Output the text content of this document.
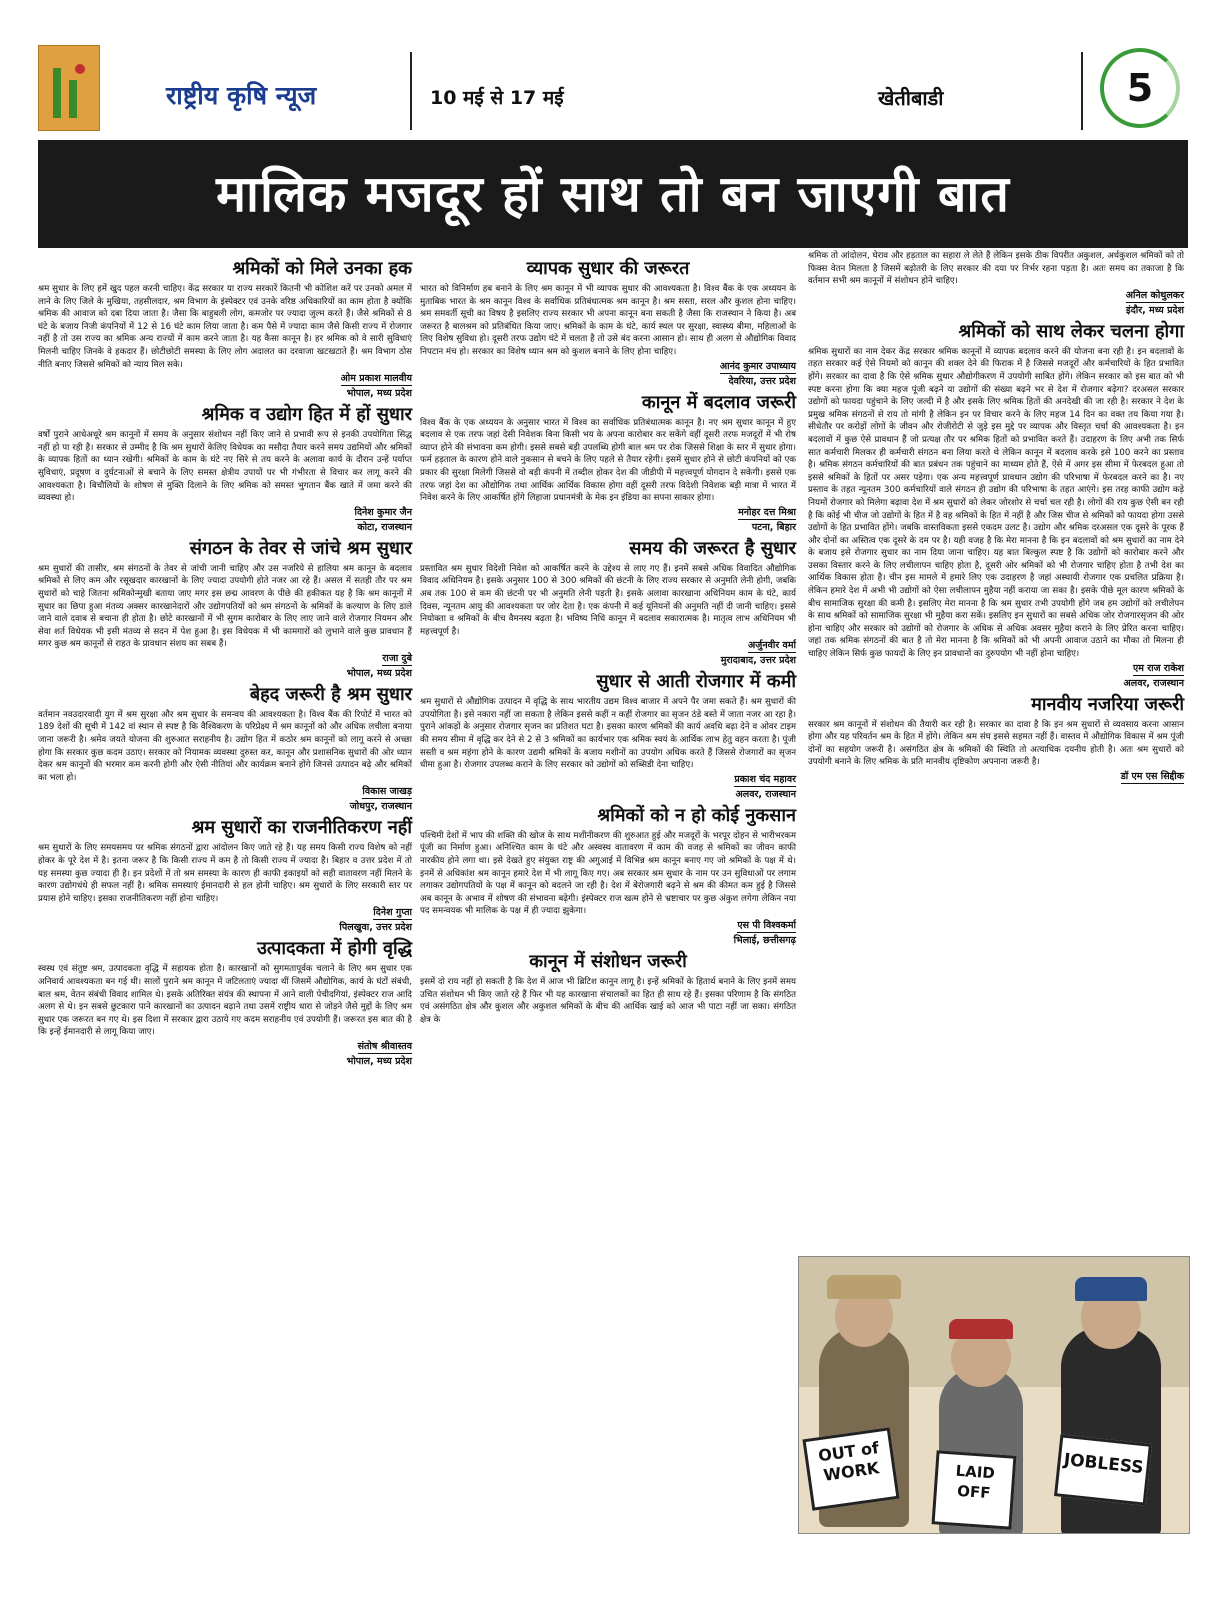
राष्ट्रीय कृषि न्यूज	10 मई से 17 मई	खेतीबाडी	5
मालिक मजदूर हों साथ तो बन जाएगी बात
श्रमिकों को मिले उनका हक

श्रम सुधार के लिए हमें खुद पहल करनी चाहिए। केंद्र सरकार या राज्य सरकारें कितनी भी कोशिश करें पर उनको अमल में लाने के लिए जिले के मुखिया, तहसीलदार, श्रम विभाग के इंस्पेक्टर एवं उनके वरिष्ठ अधिकारियों का काम होता है क्योंकि श्रमिक की आवाज को दबा दिया जाता है। जैसा कि बाहुबली लोग, कमजोर पर ज्यादा जुल्म करते हैं। जैसे श्रमिकों से 8 घंटे के बजाय निजी कंपनियों में 12 से 16 घंटे काम लिया जाता है। कम पैसे में ज्यादा काम जैसे किसी राज्य में रोजगार नहीं है तो उस राज्य का श्रमिक अन्य राज्यों में काम करने जाता है। यह कैसा कानून है। हर श्रमिक को वे सारी सुविधाएं मिलनी चाहिए जिनके वे हकदार हैं। छोटीछोटी समस्या के लिए लोग अदालत का दरवाजा खटखटाते हैं। श्रम विभाग ठोस नीति बनाए जिससे श्रमिकों को न्याय मिल सके।

ओम प्रकाश मालवीय
भोपाल, मध्य प्रदेश
श्रमिक व उद्योग हित में हों सुधार

वर्षों पुराने आधेअधूरे श्रम कानूनों में समय के अनुसार संशोधन नहीं किए जाने से प्रभावी रूप से इनकी उपयोगिता सिद्ध नहीं हो पा रही है। सरकार से उम्मीद है कि श्रम सुधारों केलिए विधेयक का मसौदा तैयार करने समय उद्यमियों और श्रमिकों के व्यापक हितों का ध्यान रखेगी। श्रमिकों के काम के घंटे नए सिरे से तय करने के अलावा कार्य के दौरान उन्हें पर्याप्त सुविधाएं, प्रदूषण व दुर्घटनाओं से बचाने के लिए समस्त क्षेत्रीय उपायों पर भी गंभीरता से विचार कर लागू करने की आवश्यकता है। बिचौलियों के शोषण से मुक्ति दिलाने के लिए श्रमिक को समस्त भुगतान बैंक खाते में जमा करने की व्यवस्था हो।

दिनेश कुमार जैन
कोटा, राजस्थान
संगठन के तेवर से जांचे श्रम सुधार

श्रम सुधारों की तासीर, श्रम संगठनों के तेवर से जांची जानी चाहिए और उस नजरिये से हालिया श्रम कानून के बदलाव श्रमिकों से लिए कम और रसूखदार कारखानों के लिए ज्यादा उपयोगी होते नजर आ रहे हैं। असल में सतही तौर पर श्रम सुधारों को चाहे जितना श्रमिकोन्मुखी बताया जाए मगर इस छद्म आवरण के पीछे की हकीकत यह है कि श्रम कानूनों में सुधार का छिपा हुआ मंतव्य अक्सर कारखानेदारों और उद्योगपतियों को श्रम संगठनों के श्रमिकों के कल्याण के लिए डाले जाने वाले दवाब से बचाना ही होता है। छोटे कारखानों में भी सुगम कारोबार के लिए लाए जाने वाले रोजगार नियमन और सेवा शर्त विधेयक भी इसी मंतव्य से सदन में पेश हुआ है। इस विधेयक में भी कामगारों को लुभाने वाले कुछ प्रावधान हैं मगर कुछ श्रम कानूनों से राहत के प्रावधान संशय का सबब हैं।

राजा दुबे
भोपाल, मध्य प्रदेश
बेहद जरूरी है श्रम सुधार

वर्तमान नवउदारवादी युग में श्रम सुरक्षा और श्रम सुधार के समन्वय की आवश्यकता है। विश्व बैंक की रिपोर्ट में भारत को 189 देशों की सूची में 142 वां स्थान से स्पष्ट है कि वैश्विकरण के परिप्रेक्ष्य में श्रम कानूनों को और अधिक लचीला बनाया जाना जरूरी है। श्रमेव जयते योजना की शुरुआत सराहनीय है। उद्योग हित में कठोर श्रम कानूनों को लागू करने से अच्छा होगा कि सरकार कुछ कदम उठाए। सरकार को नियामक व्यवस्था दुरुस्त कर, कानून और प्रशासनिक सुधारों की ओर ध्यान देकर श्रम कानूनों की भरमार कम करनी होगी और ऐसी नीतियां और कार्यक्रम बनाने होंगे जिनसे उत्पादन बढ़े और श्रमिकों का भला हो।

विकास जाखड़
जोधपुर, राजस्थान
श्रम सुधारों का राजनीतिकरण नहीं

श्रम सुधारों के लिए समयसमय पर श्रमिक संगठनों द्वारा आंदोलन किए जाते रहे हैं। यह समय किसी राज्य विशेष को नहीं होकर के पूरे देश में है। इतना जरूर है कि किसी राज्य में कम है तो किसी राज्य में ज्यादा है। बिहार व उत्तर प्रदेश में तो यह समस्या कुछ ज्यादा ही है। इन प्रदेशों में तो श्रम समस्या के कारण ही काफी इकाइयों को सही वातावरण नहीं मिलने के कारण उद्योगधंधे ही सफल नहीं है। श्रमिक समस्याएं ईमानदारी से हल होनी चाहिए। श्रम सुधारों के लिए सरकारी स्तर पर प्रयास होने चाहिए। इसका राजनीतिकरण नहीं होना चाहिए।

दिनेश गुप्ता
पिलखुवा, उत्तर प्रदेश
उत्पादकता में होगी वृद्धि

स्वस्थ एवं संतुष्ट श्रम, उत्पादकता वृद्धि में सहायक होता है। कारखानों को सुगमतापूर्वक चलाने के लिए श्रम सुधार एक अनिवार्य आवश्यकता बन गई थी। सालों पुराने श्रम कानून में जटिलताएं ज्यादा थीं जिसमें औद्योगिक, कार्य के घंटों संबंधी, बाल श्रम, वेतन संबंधी विवाद शामिल थे। इसके अतिरिक्त संयंत्र की स्थापना में आने वाली पेचीदगियां, इंस्पेक्टर राज आदि अलग से थे। इन सबसे छुटकारा पाने कारखानों का उत्पादन बढ़ाने तथा उसमें राष्ट्रीय धारा से जोड़ने जैसे मुद्दों के लिए श्रम सुधार एक जरूरत बन गए थे। इस दिशा में सरकार द्वारा उठाये गए कदम सराहनीय एवं उपयोगी हैं। जरूरत इस बात की है कि इन्हें ईमानदारी से लागू किया जाए।

संतोष श्रीवास्तव
भोपाल, मध्य प्रदेश
व्यापक सुधार की जरूरत

भारत को विनिर्माण हब बनाने के लिए श्रम कानून में भी व्यापक सुधार की आवश्यकता है। विश्व बैंक के एक अध्ययन के मुताबिक भारत के श्रम कानून विश्व के सर्वाधिक प्रतिबंधात्मक श्रम कानून है। श्रम सस्ता, सरल और कुशल होना चाहिए। श्रम समवर्ती सूची का विषय है इसलिए राज्य सरकार भी अपना कानून बना सकती है जैसा कि राजस्थान ने किया है। अब जरूरत है बालश्रम को प्रतिबंधित किया जाए। श्रमिकों के काम के घंटे, कार्य स्थल पर सुरक्षा, स्वास्थ्य बीमा, महिलाओं के लिए विशेष सुविधा हो। दूसरी तरफ उद्योग घंटे में चलता है तो उसे बंद करना आसान हो। साथ ही अलग से औद्योगिक विवाद निपटान मंच हो। सरकार का विशेष ध्यान श्रम को कुशल बनाने के लिए होना चाहिए।

आनंद कुमार उपाध्याय
देवरिया, उत्तर प्रदेश
कानून में बदलाव जरूरी

विश्व बैंक के एक अध्ययन के अनुसार भारत में विश्व का सर्वाधिक प्रतिबंधात्मक कानून है। नए श्रम सुधार कानून में हुए बदलाव से एक तरफ जहां देसी निवेशक बिना किसी भय के अपना कारोबार कर सकेंगे वहीं दूसरी तरफ मजदूरों में भी रोष व्याप्त होने की संभावना कम होगी। इससे सबसे बड़ी उपलब्धि होगी बाल श्रम पर रोक जिससे शिक्षा के स्तर में सुधार होगा। फर्म हड़ताल के कारण होने वाले नुकसान से बचने के लिए पहले से तैयार रहेगी। इसमें सुधार होने से छोटी कंपनियों को एक प्रकार की सुरक्षा मिलेगी जिससे वो बड़ी कंपनी में तब्दील होकर देश की जीडीपी में महत्त्वपूर्ण योगदान दे सकेगी। इससे एक तरफ जहां देश का औद्योगिक तथा आर्थिक आर्थिक विकास होगा वहीं दूसरी तरफ विदेशी निवेशक बड़ी मात्रा में भारत में निवेश करने के लिए आकर्षित होंगे लिहाजा प्रधानमंत्री के मेक इन इंडिया का सपना साकार होगा।

मनोहर दत्त मिश्रा
पटना, बिहार
समय की जरूरत है सुधार

प्रस्तावित श्रम सुधार विदेशी निवेश को आकर्षित करने के उद्देश्य से लाए गए हैं। इनमें सबसे अधिक विवादित औद्योगिक विवाद अधिनियम है। इसके अनुसार 100 से 300 श्रमिकों की छंटनी के लिए राज्य सरकार से अनुमति लेनी होगी, जबकि अब तक 100 से कम की छंटनी पर भी अनुमति लेनी पड़ती है। इसके अलावा कारखाना अधिनियम काम के घंटे, कार्य दिवस, न्यूनतम आयु की आवश्यकता पर जोर देता है। एक कंपनी में कई यूनियनों की अनुमति नहीं दी जानी चाहिए। इससे नियोक्ता व श्रमिकों के बीच वैमनस्य बढ़ता है। भविष्य निधि कानून में बदलाव सकारात्मक है। मातृत्व लाभ अधिनियम भी महत्त्वपूर्ण है।

अर्जुनवीर वर्मा
मुरादाबाद, उत्तर प्रदेश
सुधार से आती रोजगार में कमी

श्रम सुधारों से औद्योगिक उत्पादन में वृद्धि के साथ भारतीय उद्यम विश्व बाजार में अपने पैर जमा सकते हैं। श्रम सुधारों की उपयोगिता है। इसे नकारा नहीं जा सकता है लेकिन इससे कहीं न कहीं रोजगार का सृजन ठंडे बस्ते में जाता नजर आ रहा है। पुराने आंकड़ों के अनुसार रोजगार सृजन का प्रतिशत घटा है। इसका कारण श्रमिकों की कार्य अवधि बढ़ा देने व ओवर टाइम की समय सीमा में वृद्धि कर देने से 2 से 3 श्रमिकों का कार्यभार एक श्रमिक स्वयं के आर्थिक लाभ हेतु वहन करता है। पूंजी सस्ती व श्रम महंगा होने के कारण उद्यमी श्रमिकों के बजाय मशीनों का उपयोग अधिक करते हैं जिससे रोजगारों का सृजन धीमा हुआ है। रोजगार उपलब्ध कराने के लिए सरकार को उद्योगों को सब्सिडी देना चाहिए।

प्रकाश चंद महावर
अलवर, राजस्थान
श्रमिकों को न हो कोई नुकसान

पश्चिमी देशों में भाप की शक्ति की खोज के साथ मशीनीकरण की शुरुआत हुई और मजदूरों के भरपूर दोहन से भारीभरकम पूंजी का निर्माण हुआ। अनिश्चित काम के घंटे और अस्वस्थ वातावरण में काम की वजह से श्रमिकों का जीवन काफी नारकीय होने लगा था। इसे देखते हुए संयुक्त राष्ट्र की अगुआई में विभिन्न श्रम कानून बनाए गए जो श्रमिकों के पक्ष में थे। इनमें से अधिकांश श्रम कानून हमारे देश में भी लागू किए गए। अब सरकार श्रम सुधार के नाम पर उन सुविधाओं पर लगाम लगाकर उद्योगपतियों के पक्ष में कानून को बदलने जा रही है। देश में बेरोजगारी बढ़ने से श्रम की कीमत कम हुई है जिससे अब कानून के अभाव में शोषण की संभावना बढ़ेगी। इंस्पेक्टर राज खत्म होने से भ्रष्टाचार पर कुछ अंकुश लगेगा लेकिन नया पद समन्वयक भी मालिक के पक्ष में ही ज्यादा झुकेगा।

एस पी विश्वकर्मा
भिलाई, छत्तीसगढ़
कानून में संशोधन जरूरी

इसमें दो राय नहीं हो सकती है कि देश में आज भी ब्रिटिश कानून लागू है। इन्हें श्रमिकों के हितार्थ बनाने के लिए इनमें समय उचित संशोधन भी किए जाते रहे हैं फिर भी यह कारखाना संचालकों का हित ही साध रहे हैं। इसका परिणाम है कि संगठित एवं असंगठित क्षेत्र और कुशल और अकुशल श्रमिकों के बीच की आर्थिक खाई को आज भी पाटा नहीं जा सका। संगठित क्षेत्र के

श्रमिक तो आंदोलन, घेराव और हड़ताल का सहारा ले लेते हैं लेकिन इसके ठीक विपरीत अकुशल, अर्धकुशल श्रमिकों को तो फिक्स वेतन मिलता है जिसमें बढ़ोतरी के लिए सरकार की दया पर निर्भर रहना पड़ता है। अतः समय का तकाजा है कि वर्तमान सभी श्रम कानूनों में संशोधन होने चाहिए।

अनिल कोथुलकर
इंदौर, मध्य प्रदेश
श्रमिकों को साथ लेकर चलना होगा

श्रमिक सुधारों का नाम देकर केंद्र सरकार श्रमिक कानूनों में व्यापक बदलाव करने की योजना बना रही है। इन बदलावों के तहत सरकार कई ऐसे नियमों को कानून की शक्ल देने की फिराक में है जिससे मजदूरों और कर्मचारियों के हित प्रभावित होंगे। सरकार का दावा है कि ऐसे श्रमिक सुधार औद्योगीकरण में उपयोगी साबित होंगे। लेकिन सरकार को इस बात को भी स्पष्ट करना होगा कि क्या महज पूंजी बढ़ने या उद्योगों की संख्या बढ़ने भर से देश में रोजगार बढ़ेगा? दरअसल सरकार उद्योगों को फायदा पहुंचाने के लिए जल्दी में है और इसके लिए श्रमिक हितों की अनदेखी की जा रही है। सरकार ने देश के प्रमुख श्रमिक संगठनों से राय तो मांगी है लेकिन इन पर विचार करने के लिए महज 14 दिन का वक्त तय किया गया है। सीधेतौर पर करोड़ों लोगों के जीवन और रोजीरोटी से जुड़े इस मुद्दे पर व्यापक और विस्तृत चर्चा की आवश्यकता है। इन बदलावों में कुछ ऐसे प्रावधान हैं जो प्रत्यक्ष तौर पर श्रमिक हितों को प्रभावित करते हैं। उदाहरण के लिए अभी तक सिर्फ सात कर्मचारी मिलकर ही कर्मचारी संगठन बना लिया करते थे लेकिन कानून में बदलाव करके इसे 100 करने का प्रस्ताव है। श्रमिक संगठन कर्मचारियों की बात प्रबंधन तक पहुंचाने का माध्यम होते हैं, ऐसे में अगर इस सीमा में फेरबदल हुआ तो इससे श्रमिकों के हितों पर असर पड़ेगा। एक अन्य महत्त्वपूर्ण प्रावधान उद्योग की परिभाषा में फेरबदल करने का है। नए प्रस्ताव के तहत न्यूनतम 300 कर्मचारियों वाले संगठन ही उद्योग की परिभाषा के तहत आएंगे। इस तरह काफी उद्योग कड़े नियमों रोजगार को मिलेगा बढ़ावा देश में श्रम सुधारों को लेकर जोरशोर से चर्चा चल रही है। लोगों की राय कुछ ऐसी बन रही है कि कोई भी चीज जो उद्योगों के हित में है वह श्रमिकों के हित में नहीं है और जिस चीज से श्रमिकों को फायदा होगा उससे उद्योगों के हित प्रभावित होंगे। जबकि वास्तविकता इससे एकदम उलट है। उद्योग और श्रमिक दरअसल एक दूसरे के पूरक हैं और दोनों का अस्तित्व एक दूसरे के दम पर है। यही वजह है कि मेरा मानना है कि इन बदलावों को श्रम सुधारों का नाम देने के बजाय इसे रोजगार सुधार का नाम दिया जाना चाहिए। यह बात बिल्कुल स्पष्ट है कि उद्योगों को कारोबार करने और उसका विस्तार करने के लिए लचीलापन चाहिए होता है, दूसरी ओर श्रमिकों को भी रोजगार चाहिए होता है तभी देश का आर्थिक विकास होता है। चीन इस मामले में हमारे लिए एक उदाहरण है जहां अस्थायी रोजगार एक प्रचलित प्रक्रिया है। लेकिन हमारे देश में अभी भी उद्योगों को ऐसा लचीलापन मुहैया नहीं कराया जा सका है। इसके पीछे मूल कारण श्रमिकों के बीच सामाजिक सुरक्षा की कमी है। इसलिए मेरा मानना है कि श्रम सुधार तभी उपयोगी होंगे जब हम उद्योगों को लचीलेपन के साथ श्रमिकों को सामाजिक सुरक्षा भी मुहैया करा सकें। इसलिए इन सुधारों का सबसे अधिक जोर रोजगारसृजन की ओर होना चाहिए और सरकार को उद्योगों को रोजगार के अधिक से अधिक अवसर मुहैया कराने के लिए प्रेरित करना चाहिए। जहां तक श्रमिक संगठनों की बात है तो मेरा मानना है कि श्रमिकों को भी अपनी आवाज उठाने का मौका तो मिलना ही चाहिए लेकिन सिर्फ कुछ फायदों के लिए इन प्रावधानों का दुरुपयोग भी नहीं होना चाहिए।

एम राज राकेश
अलवर, राजस्थान
मानवीय नजरिया जरूरी

सरकार श्रम कानूनों में संशोधन की तैयारी कर रही है। सरकार का दावा है कि इन श्रम सुधारों से व्यवसाय करना आसान होगा और यह परिवर्तन श्रम के हित में होंगे। लेकिन श्रम संघ इससे सहमत नहीं हैं। वास्तव में औद्योगिक विकास में श्रम पूंजी दोनों का सहयोग जरूरी है। असंगठित क्षेत्र के श्रमिकों की स्थिति तो अत्याधिक दयनीय होती है। अतः श्रम सुधारों को उपयोगी बनाने के लिए श्रमिक के प्रति मानवीय दृष्टिकोण अपनाना जरूरी है।

डॉ एम एस सिद्दीक
OUT of WORK	LAID OFF
JOBLESS
